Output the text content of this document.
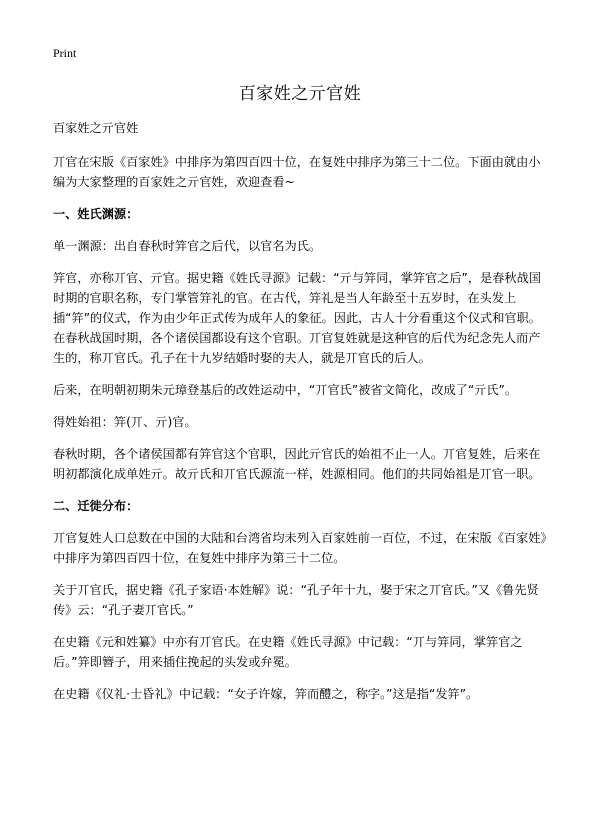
Print
百家姓之亓官姓

百家姓之亓官姓

丌官在宋版《百家姓》中排序为第四百四十位，在复姓中排序为第三十二位。下面由就由小编为大家整理的百家姓之亓官姓，欢迎查看~

一、姓氏渊源：

单一渊源：出自春秋时笄官之后代，以官名为氏。

笄官，亦称丌官、亓官。据史籍《姓氏寻源》记载：“亓与笄同，掌笄官之后”，是春秋战国时期的官职名称，专门掌管笄礼的官。在古代，笄礼是当人年龄至十五岁时，在头发上插“笄”的仪式，作为由少年正式传为成年人的象征。因此，古人十分看重这个仪式和官职。在春秋战国时期，各个诸侯国都设有这个官职。丌官复姓就是这种官的后代为纪念先人而产生的，称丌官氏。孔子在十九岁结婚时娶的夫人，就是丌官氏的后人。

后来，在明朝初期朱元璋登基后的改姓运动中，“丌官氏”被省文简化，改成了“亓氏”。

得姓始祖：笄(丌、亓)官。

春秋时期，各个诸侯国都有笄官这个官职，因此亓官氏的始祖不止一人。丌官复姓，后来在明初都演化成单姓亓。故亓氏和丌官氏源流一样，姓源相同。他们的共同始祖是丌官一职。

二、迁徙分布：

丌官复姓人口总数在中国的大陆和台湾省均未列入百家姓前一百位，不过，在宋版《百家姓》中排序为第四百四十位，在复姓中排序为第三十二位。

关于丌官氏，据史籍《孔子家语·本姓解》说：“孔子年十九，娶于宋之丌官氏。”又《鲁先贤传》云：“孔子妻丌官氏。”

在史籍《元和姓纂》中亦有丌官氏。在史籍《姓氏寻源》中记载：“丌与笄同，掌笄官之后。”笄即簪子，用来插住挽起的头发或弁冕。

在史籍《仪礼·士昏礼》中记载：“女子许嫁，笄而醴之，称字。”这是指“发笄”。
